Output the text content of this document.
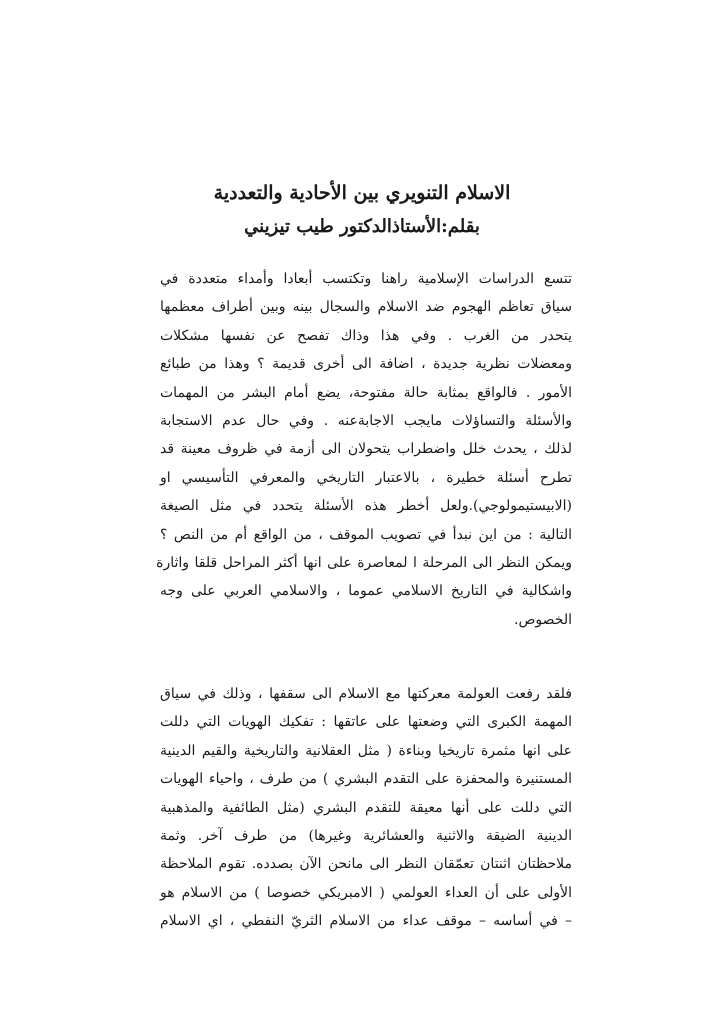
الاسلام التنويري بين الأحادية والتعددية
بقلم:الأستاذالدكتور طيب تيزيني

تتسع الدراسات الإسلامية راهنا وتكتسب أبعادا وأمداء متعددة في
سياق تعاظم الهجوم ضد الاسلام والسجال بينه وبين أطراف معظمها
يتحدر من الغرب . وفي هذا وذاك تفصح عن نفسها مشكلات
ومعضلات نظرية جديدة ، اضافة الى أخرى قديمة ؟ وهذا من طبائع
الأمور . فالواقع بمثابة حالة مفتوحة، يضع أمام البشر من المهمات
والأسئلة والتساؤلات مايجب الاجابةعنه . وفي حال عدم الاستجابة
لذلك ، يحدث خلل واضطراب يتحولان الى أزمة في ظروف معينة قد
تطرح أسئلة خطيرة ، بالاعتبار التاريخي والمعرفي التأسيسي او
(الابيستيمولوجي).ولعل أخطر هذه الأسئلة يتحدد في مثل الصيغة
التالية : من اين نبدأ في تصويب الموقف ، من الواقع أم من النص ؟
ويمكن النظر الى المرحلة ا لمعاصرة على انها أكثر المراحل قلقا واثارة
واشكالية في التاريخ الاسلامي عموما ، والاسلامي العربي على وجه
الخصوص.

فلقد رفعت العولمة معركتها مع الاسلام الى سقفها ، وذلك في سياق
المهمة الكبرى التي وضعتها على عاتقها : تفكيك الهويات التي دللت
على انها مثمرة تاريخيا وبناءة ( مثل العقلانية والتاريخية والقيم الدينية
المستنيرة والمحفزة على التقدم البشري ) من طرف ، واحياء الهويات
التي دللت على أنها معيقة للتقدم البشري (مثل الطائفية والمذهبية
الدينية الضيقة والاثنية والعشائرية وغيرها) من طرف آخر. وثمة
ملاحظتان اثنتان تعمّقان النظر الى مانحن الآن بصدده. تقوم الملاحظة
الأولى على أن العداء العولمي ( الامبريكي خصوصا ) من الاسلام هو
– في أساسه – موقف عداء من الاسلام الثريّ النفطي ، اي الاسلام
